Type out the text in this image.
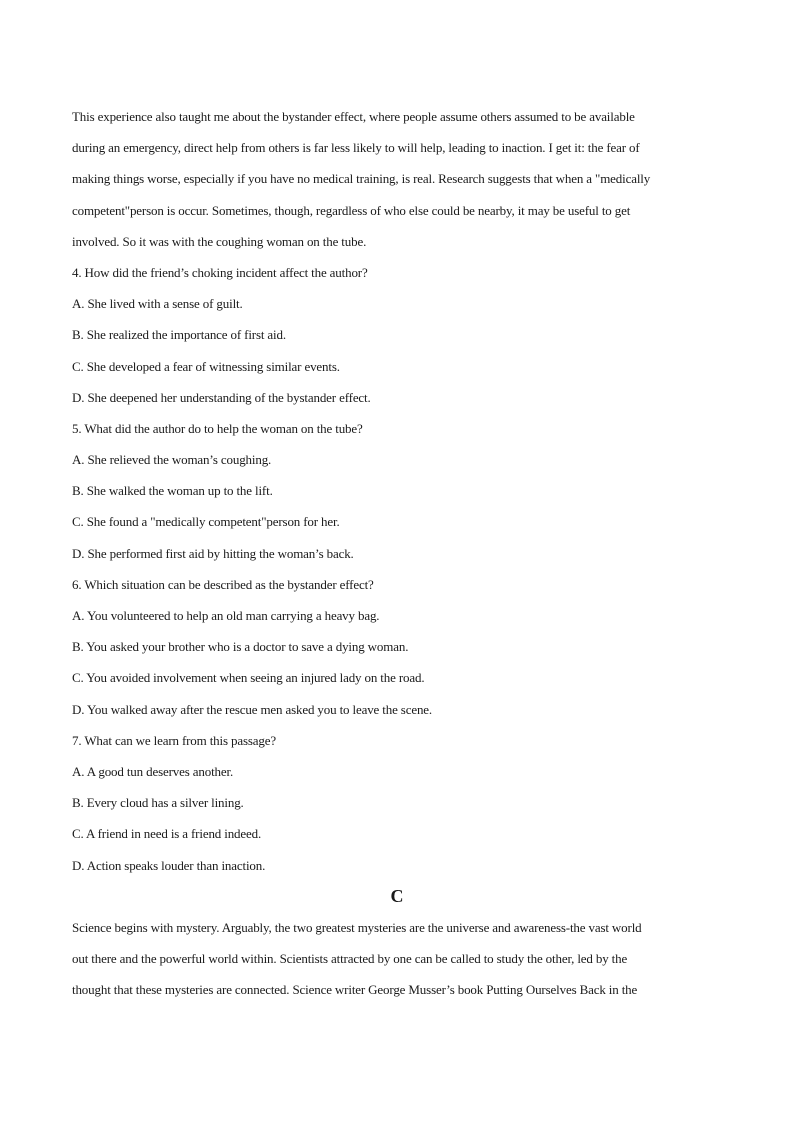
This experience also taught me about the bystander effect, where people assume others assumed to be available
during an emergency, direct help from others is far less likely to will help, leading to inaction. I get it: the fear of
making things worse, especially if you have no medical training, is real. Research suggests that when a "medically
competent"person is occur. Sometimes, though, regardless of who else could be nearby, it may be useful to get
involved. So it was with the coughing woman on the tube.
4. How did the friend’s choking incident affect the author?
A. She lived with a sense of guilt.
B. She realized the importance of first aid.
C. She developed a fear of witnessing similar events.
D. She deepened her understanding of the bystander effect.
5. What did the author do to help the woman on the tube?
A. She relieved the woman’s coughing.
B. She walked the woman up to the lift.
C. She found a "medically competent"person for her.
D. She performed first aid by hitting the woman’s back.
6. Which situation can be described as the bystander effect?
A. You volunteered to help an old man carrying a heavy bag.
B. You asked your brother who is a doctor to save a dying woman.
C. You avoided involvement when seeing an injured lady on the road.
D. You walked away after the rescue men asked you to leave the scene.
7. What can we learn from this passage?
A. A good tun deserves another.
B. Every cloud has a silver lining.
C. A friend in need is a friend indeed.
D. Action speaks louder than inaction.
C
Science begins with mystery. Arguably, the two greatest mysteries are the universe and awareness-the vast world
out there and the powerful world within. Scientists attracted by one can be called to study the other, led by the
thought that these mysteries are connected. Science writer George Musser’s book Putting Ourselves Back in the
